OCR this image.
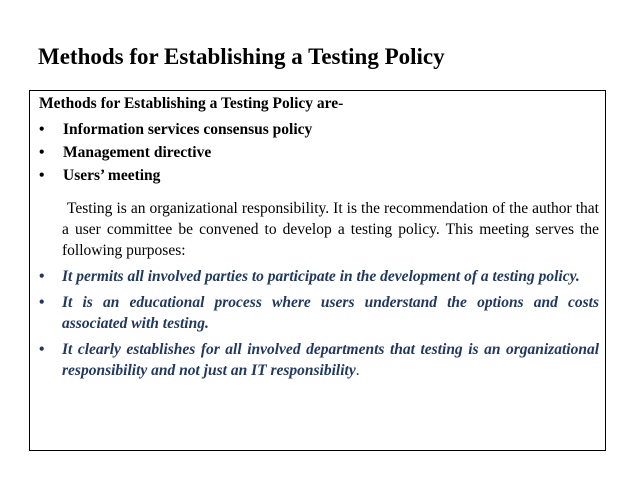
Methods for Establishing a Testing Policy
Methods for Establishing a Testing Policy are-
• Information services consensus policy
• Management directive
• Users’ meeting

Testing is an organizational responsibility. It is the recommendation of the author that a user committee be convened to develop a testing policy. This meeting serves the following purposes:

• It permits all involved parties to participate in the development of a testing policy.
• It is an educational process where users understand the options and costs associated with testing.
• It clearly establishes for all involved departments that testing is an organizational responsibility and not just an IT responsibility.
